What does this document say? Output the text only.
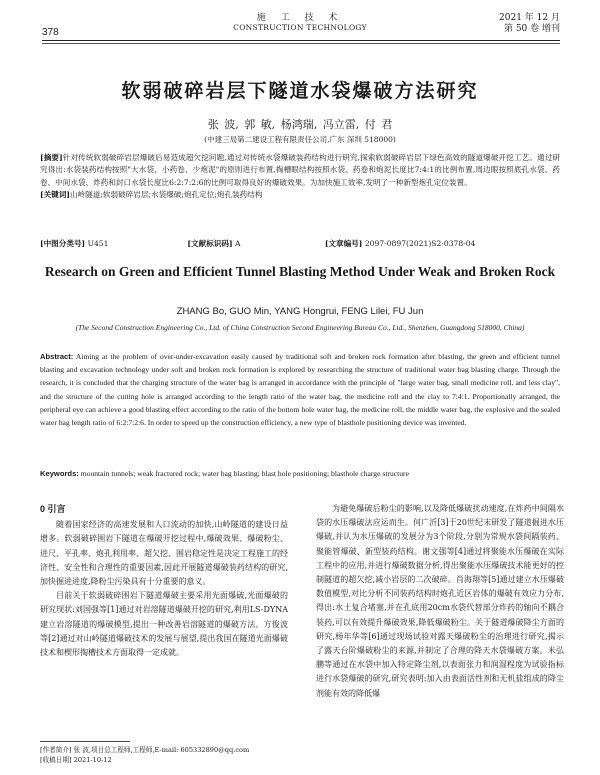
378
施 工 技 术
CONSTRUCTION TECHNOLOGY
2021 年 12 月
第 50 卷 增刊
软弱破碎岩层下隧道水袋爆破方法研究
张 波, 郭 敏, 杨鸿瑞, 冯立雷, 付 君
(中建三局第二建设工程有限责任公司,广东 深圳 518000)
[摘要]针对传统软弱破碎岩层爆破后易造成超欠挖问题,通过对传统水袋爆破装药结构进行研究,探索软弱破碎岩层下绿色高效的隧道爆破开挖工艺。通过研究得出:水袋装药结构按照"大水袋、小药卷、少炮泥"的原则进行布置,掏槽眼结构按照水袋、药卷和炮泥长度比7:4:1的比例布置,周边眼按照底孔水袋、药卷、中间水袋、炸药和封口水袋长度比6:2:7:2:6的比例可取得良好的爆破效果。为加快施工效率,发明了一种新型炮孔定位装置。
[关键词]山岭隧道;软弱破碎岩层;水袋爆破;炮孔定位;炮孔装药结构
[中图分类号] U451	[文献标识码] A	[文章编号] 2097-0897(2021)S2-0378-04
Research on Green and Efficient Tunnel Blasting Method Under Weak and Broken Rock
ZHANG Bo, GUO Min, YANG Hongrui, FENG Lilei, FU Jun
(The Second Construction Engineering Co., Ltd. of China Construction Second Engineering Bureau Co., Ltd., Shenzhen, Guangdong 518000, China)
Abstract: Aiming at the problem of over-under-excavation easily caused by traditional soft and broken rock formation after blasting, the green and efficient tunnel blasting and excavation technology under soft and broken rock formation is explored by researching the structure of traditional water bag blasting charge. Through the research, it is concluded that the charging structure of the water bag is arranged in accordance with the principle of "large water bag, small medicine roll, and less clay", and the structure of the cutting hole is arranged according to the length ratio of the water bag, the medicine roll and the clay to 7:4:1. Proportionally arranged, the peripheral eye can achieve a good blasting effect according to the ratio of the bottom hole water bag, the medicine roll, the middle water bag, the explosive and the sealed water bag length ratio of 6:2:7:2:6. In order to speed up the construction efficiency, a new type of blasthole positioning device was invented.
Keywords: mountain tunnels; weak fractured rock; water bag blasting; blast hole positioning; blasthole charge structure

0 引言

随着国家经济的高速发展和人口流动的加快,山岭隧道的建设日益增多。软弱破碎围岩下隧道在爆破开挖过程中,爆破效果、爆破粉尘、进尺、平孔率、炮孔利用率、超欠挖、围岩稳定性是决定工程施工的经济性、安全性和合理性的重要因素,因此开展隧道爆破装药结构的研究,加快掘进进度,降粉尘污染具有十分重要的意义。

目前关于软弱破碎围岩下隧道爆破主要采用光面爆破,光面爆破的研究现状:刘国强等[1]通过对岩溶隧道爆破开挖的研究,利用LS-DYNA建立岩溶隧道的爆破模型,提出一种改善岩溶隧道的爆破方法。方俊波等[2]通过对山岭隧道爆破技术的发展与展望,提出我国在隧道光面爆破技术和楔形掏槽技术方面取得一定成就。

为避免爆破后粉尘的影响,以及降低爆破扰动速度,在炸药中间隔水袋的水压爆破法应运而生。何广沂[3]于20世纪末研发了隧道掘进水压爆破,并认为水压爆破的发展分为3个阶段,分别为常规水袋间隔装药、聚能管爆破、新型装药结构。谢文强等[4]通过将聚能水压爆破在实际工程中的应用,并进行爆破数据分析,得出聚能水压爆破技术能更好的控制隧道的超欠挖,减小岩层的二次破碎。肖海翔等[5]通过建立水压爆破数值模型,对比分析不同装药结构时炮孔近区岩体的爆破有效应力分布,得出:水土复合堵塞,并在孔底用20cm水袋代替部分炸药的轴向不耦合装药,可以有效提升爆破效果,降低爆破粉尘。关于隧道爆破降尘方面的研究,杨年华等[6]通过现场试验对露天爆破粉尘的治理进行研究,揭示了露天台阶爆破粉尘的来源,并制定了合理的降天水袋爆破方案。米弘鹏等通过在水袋中加入特定降尘剂,以表面张力和润湿程度为试验指标进行水袋爆破的研究,研究表明:加入由表面活性剂和无机盐组成的降尘剂能有效的降低爆

[作者简介] 张 波,项目总工程师,工程师,E-mail: 605332890@qq.com
[收稿日期] 2021-10-12
